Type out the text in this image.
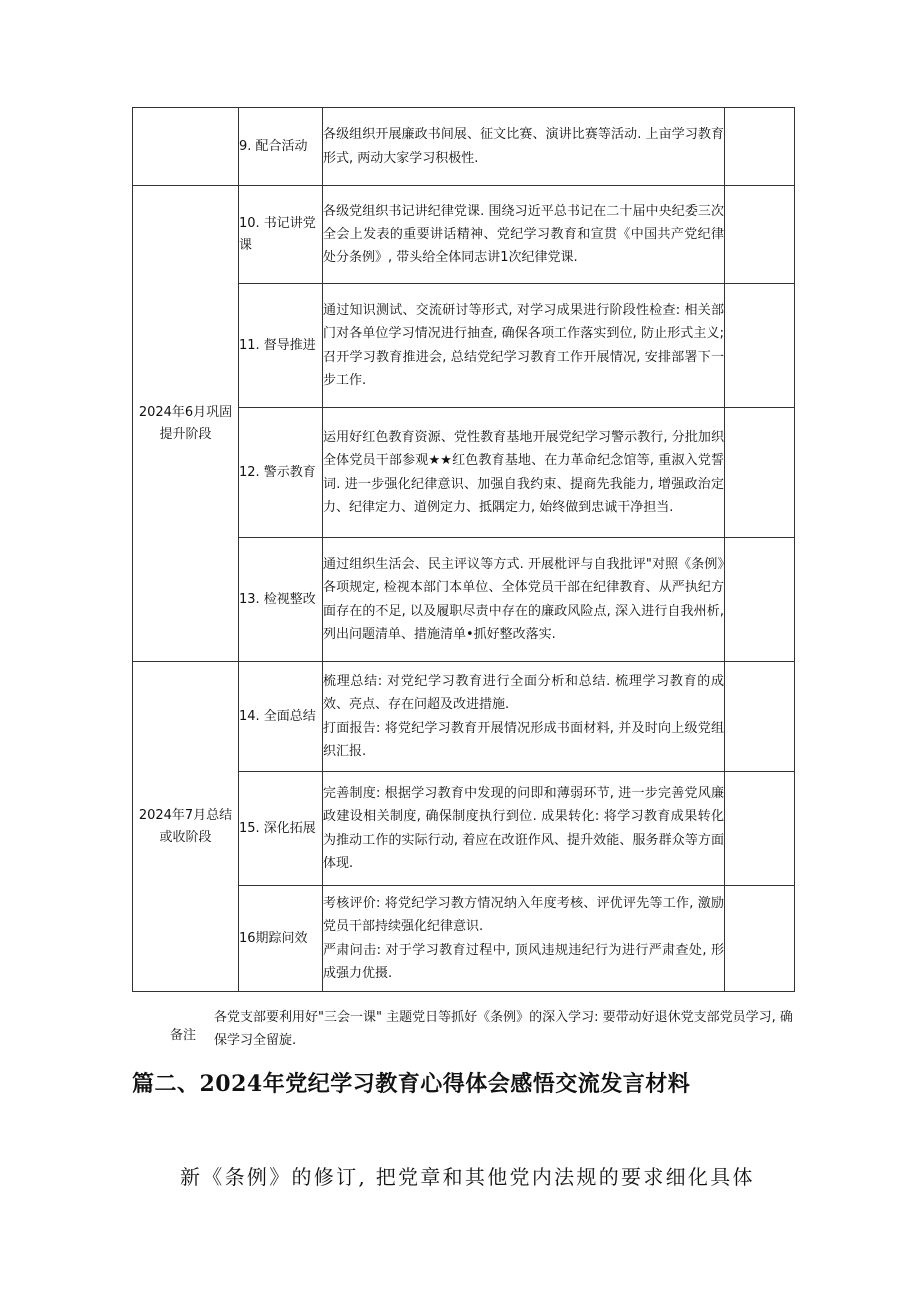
	9. 配合活动	各级组织开展廉政书间展、征文比赛、演讲比赛等活动. 上亩学习教育形式, 两动大家学习积极性.	
2024年6月巩固提升阶段	10. 书记讲党课	各级党组织书记讲纪律党课. 围绕习近平总书记在二十届中央纪委三次全会上发表的重要讲话精神、党纪学习教育和宣贯《中国共产党纪律处分条例》, 带头给全体同志讲1次纪律党课.	
	11. 督导推进	通过知识测试、交流研讨等形式, 对学习成果进行阶段性检查: 相关部门对各单位学习情况进行抽查, 确保各项工作落实到位, 防止形式主义; 召开学习教育推进会, 总结党纪学习教育工作开展情况, 安排部署下一步工作.	
	12. 警示教育	运用好红色教育资源、党性教育基地开展党纪学习警示教行, 分批加织全体党员干部参观★★红色教育基地、在力革命纪念馆等, 重淑入党誓词. 进一步强化纪律意识、加强自我约束、提商先我能力, 增强政治定力、纪律定力、道例定力、抵隅定力, 始终做到忠诚干净担当.	
	13. 检视整改	通过组织生活会、民主评议等方式. 开展枇评与自我批评"对照《条例》各项规定, 检视本部门本单位、全体党员干部在纪律教育、从严执纪方面存在的不足, 以及履职尽责中存在的廉政风险点, 深入进行自我州析, 列出问题清单、措施清单•抓好整改落实.	
2024年7月总结或收阶段	14. 全面总结	梳理总结: 对党纪学习教育进行全面分析和总结. 梳理学习教育的成效、亮点、存在问超及改进措施.
打面报告: 将党纪学习教育开展情况形成书面材料, 并及时向上级党组织汇报.	
	15. 深化拓展	完善制度: 根据学习教育中发现的问即和薄弱环节, 进一步完善党风廉政建设相关制度, 确保制度执行到位. 成果转化: 将学习教育成果转化为推动工作的实际行动, 着应在改诳作风、提升效能、服务群众等方面体现.	
	16期踪问效	考核评价: 将党纪学习教方情况纳入年度考核、评优评先等工作, 激励党员干部持续强化纪律意识.
严肃问击: 对于学习教育过程中, 顶风违规违纪行为进行严肃查处, 形成强力优摄.	
备注
各党支部要利用好"三会一课" 主题党日等抓好《条例》的深入学习: 要带动好退休党支部党员学习, 确保学习全留旋.
篇二、2024年党纪学习教育心得体会感悟交流发言材料

新《条例》的修订, 把党章和其他党内法规的要求细化具体
